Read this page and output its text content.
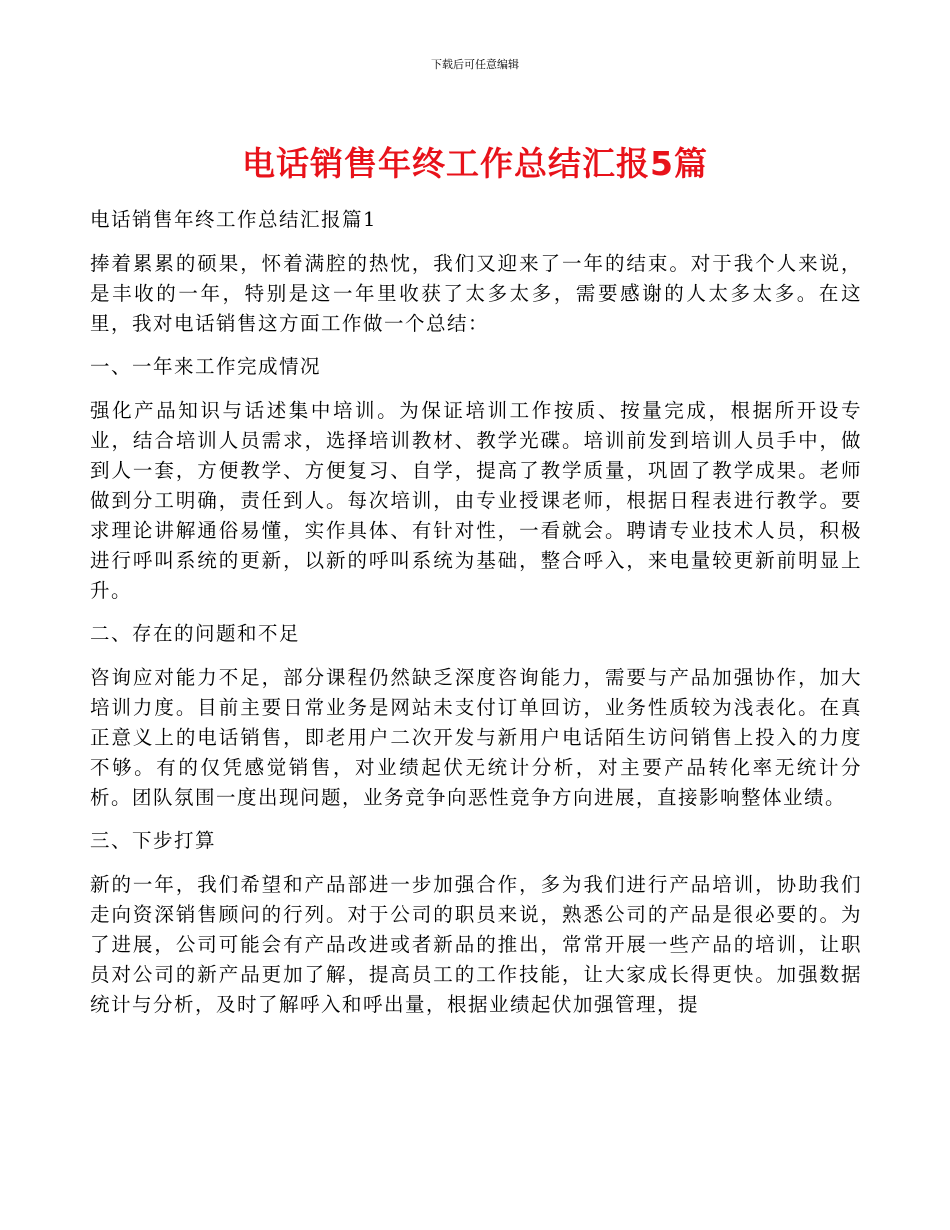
下载后可任意编辑
电话销售年终工作总结汇报5篇

电话销售年终工作总结汇报篇1

捧着累累的硕果，怀着满腔的热忱，我们又迎来了一年的结束。对于我个人来说，是丰收的一年，特别是这一年里收获了太多太多，需要感谢的人太多太多。在这里，我对电话销售这方面工作做一个总结：

一、一年来工作完成情况

强化产品知识与话述集中培训。为保证培训工作按质、按量完成，根据所开设专业，结合培训人员需求，选择培训教材、教学光碟。培训前发到培训人员手中，做到人一套，方便教学、方便复习、自学，提高了教学质量，巩固了教学成果。老师做到分工明确，责任到人。每次培训，由专业授课老师，根据日程表进行教学。要求理论讲解通俗易懂，实作具体、有针对性，一看就会。聘请专业技术人员，积极进行呼叫系统的更新，以新的呼叫系统为基础，整合呼入，来电量较更新前明显上升。

二、存在的问题和不足

咨询应对能力不足，部分课程仍然缺乏深度咨询能力，需要与产品加强协作，加大培训力度。目前主要日常业务是网站未支付订单回访，业务性质较为浅表化。在真正意义上的电话销售，即老用户二次开发与新用户电话陌生访问销售上投入的力度不够。有的仅凭感觉销售，对业绩起伏无统计分析，对主要产品转化率无统计分析。团队氛围一度出现问题，业务竞争向恶性竞争方向进展，直接影响整体业绩。

三、下步打算

新的一年，我们希望和产品部进一步加强合作，多为我们进行产品培训，协助我们走向资深销售顾问的行列。对于公司的职员来说，熟悉公司的产品是很必要的。为了进展，公司可能会有产品改进或者新品的推出，常常开展一些产品的培训，让职员对公司的新产品更加了解，提高员工的工作技能，让大家成长得更快。加强数据统计与分析，及时了解呼入和呼出量，根据业绩起伏加强管理，提
